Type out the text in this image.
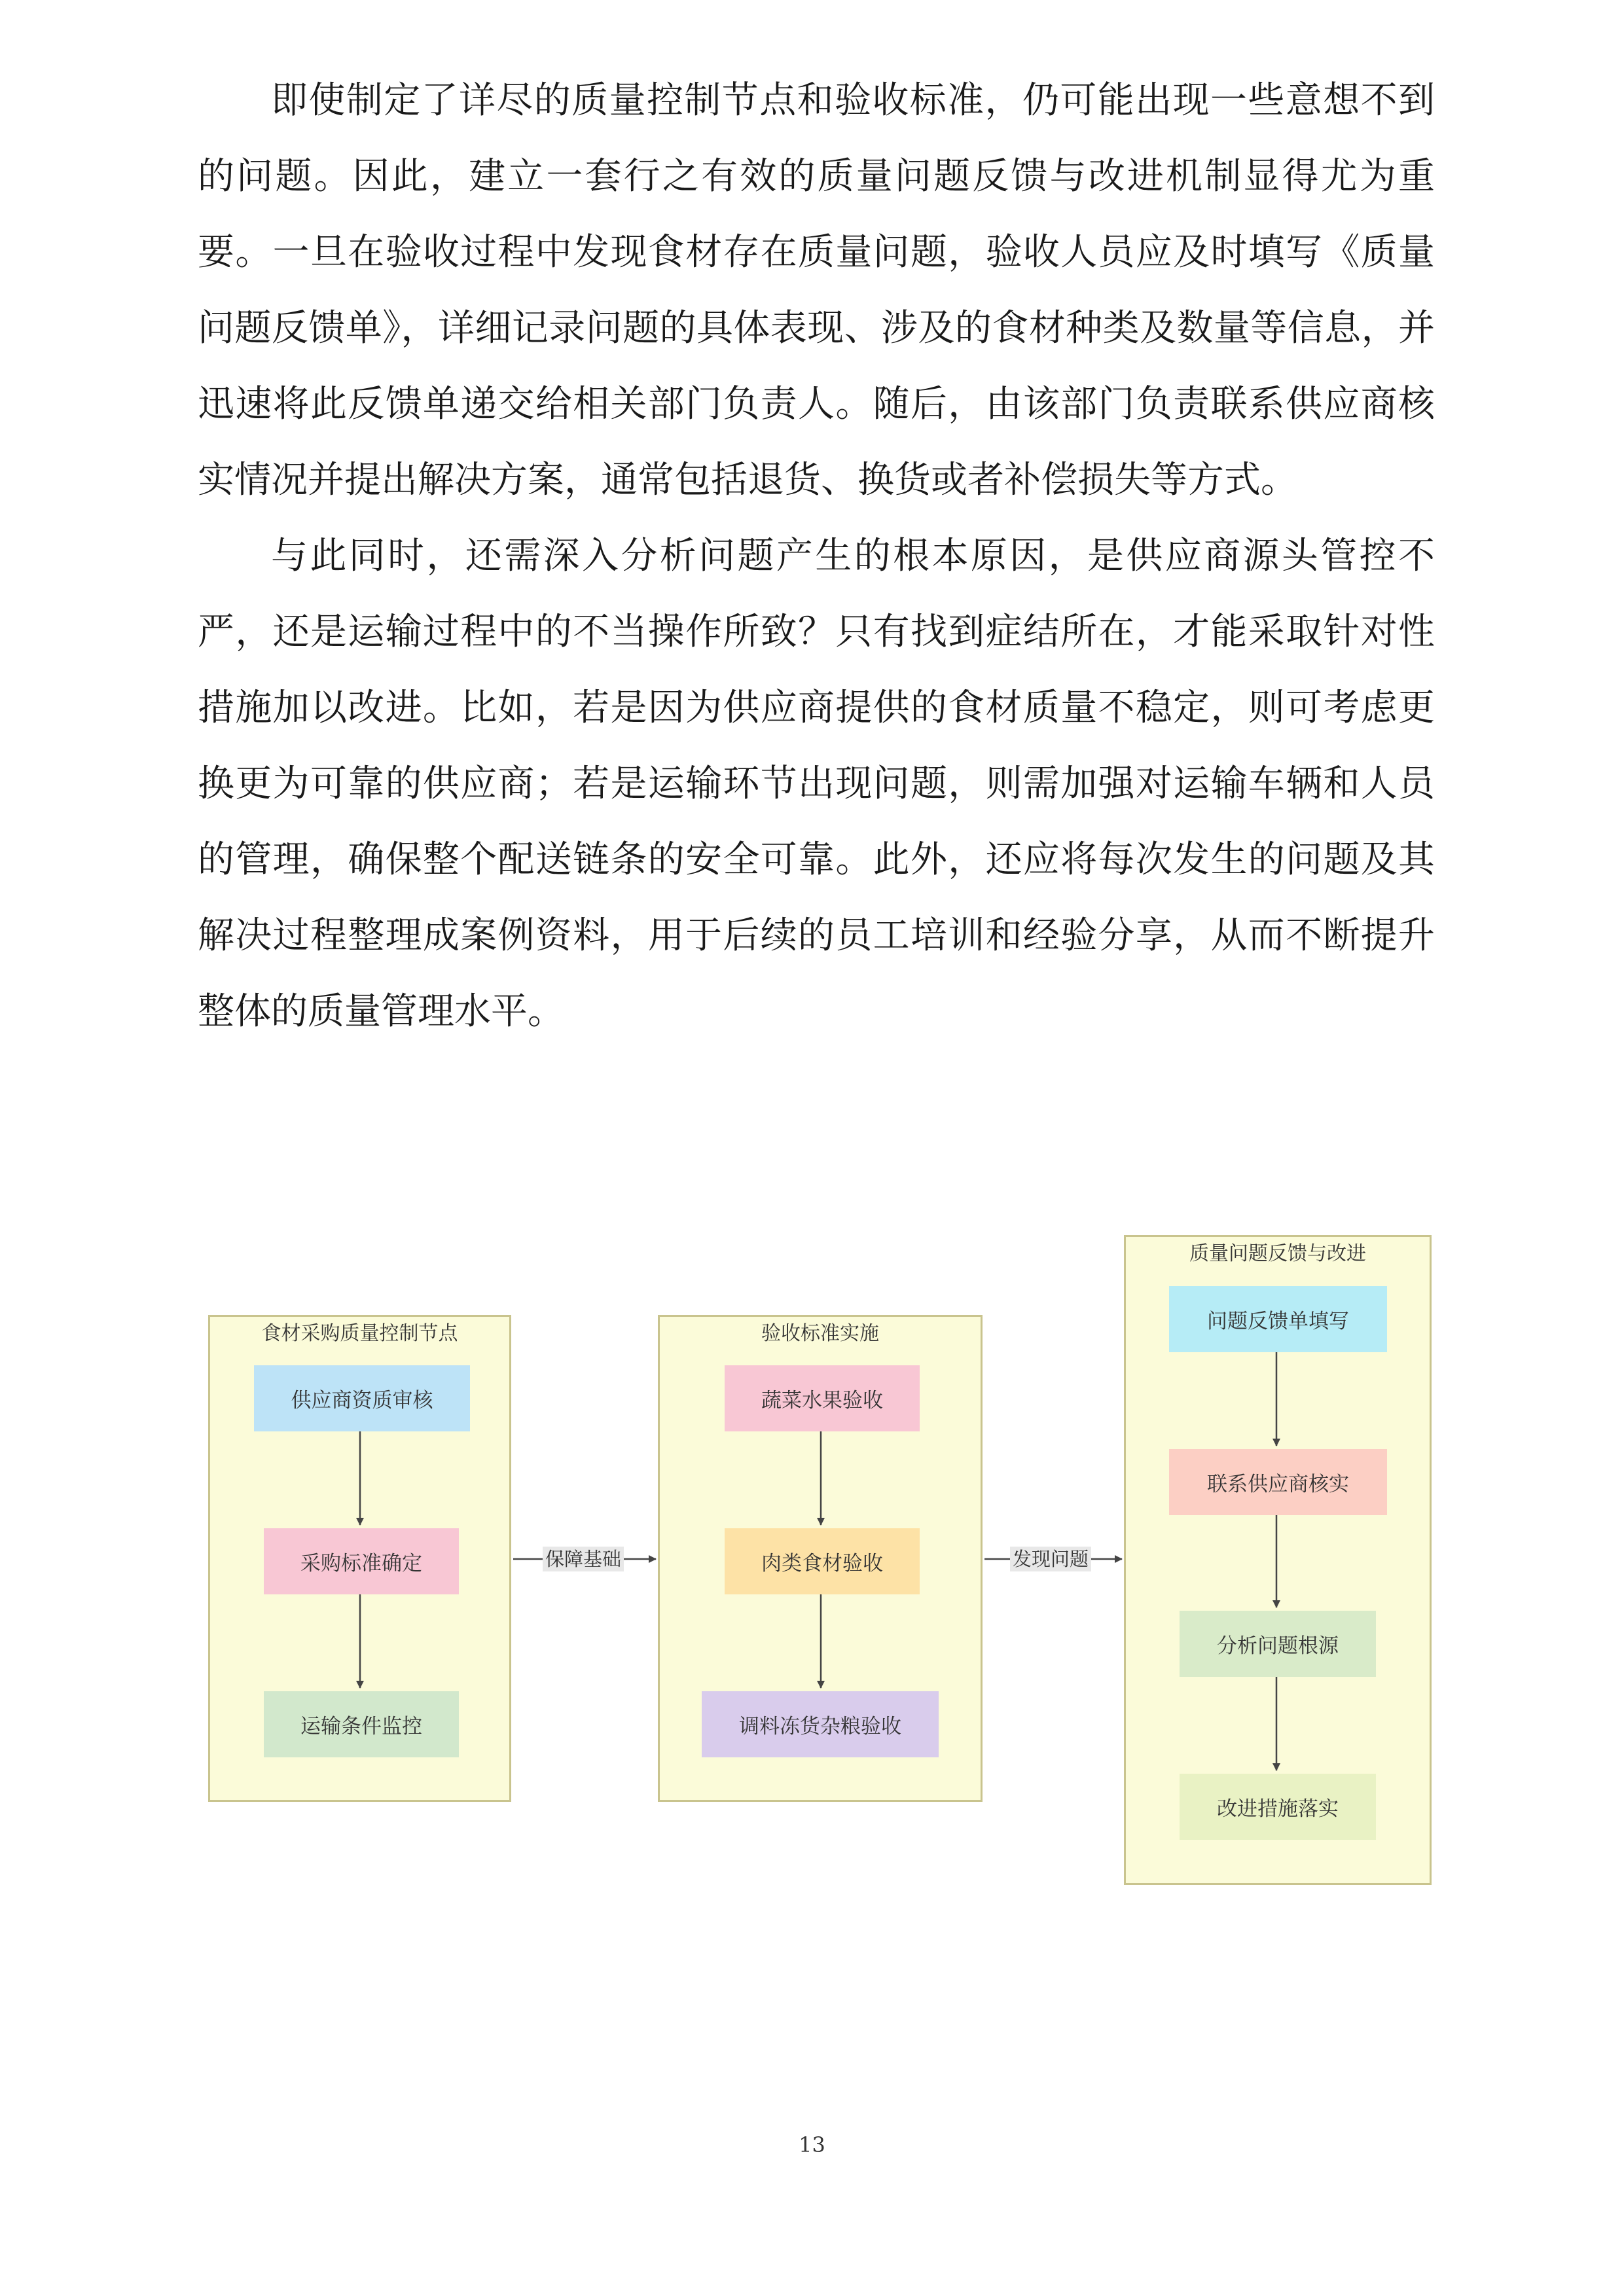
即使制定了详尽的质量控制节点和验收标准，仍可能出现一些意想不到的问题。因此，建立一套行之有效的质量问题反馈与改进机制显得尤为重要。一旦在验收过程中发现食材存在质量问题，验收人员应及时填写《质量问题反馈单》，详细记录问题的具体表现、涉及的食材种类及数量等信息，并迅速将此反馈单递交给相关部门负责人。随后，由该部门负责联系供应商核实情况并提出解决方案，通常包括退货、换货或者补偿损失等方式。

与此同时，还需深入分析问题产生的根本原因，是供应商源头管控不严，还是运输过程中的不当操作所致？只有找到症结所在，才能采取针对性措施加以改进。比如，若是因为供应商提供的食材质量不稳定，则可考虑更换更为可靠的供应商；若是运输环节出现问题，则需加强对运输车辆和人员的管理，确保整个配送链条的安全可靠。此外，还应将每次发生的问题及其解决过程整理成案例资料，用于后续的员工培训和经验分享，从而不断提升整体的质量管理水平。

食材采购质量控制节点
供应商资质审核
采购标准确定
运输条件监控
验收标准实施
蔬菜水果验收
肉类食材验收
调料冻货杂粮验收
质量问题反馈与改进
问题反馈单填写
联系供应商核实
分析问题根源
改进措施落实
保障基础	发现问题
13
